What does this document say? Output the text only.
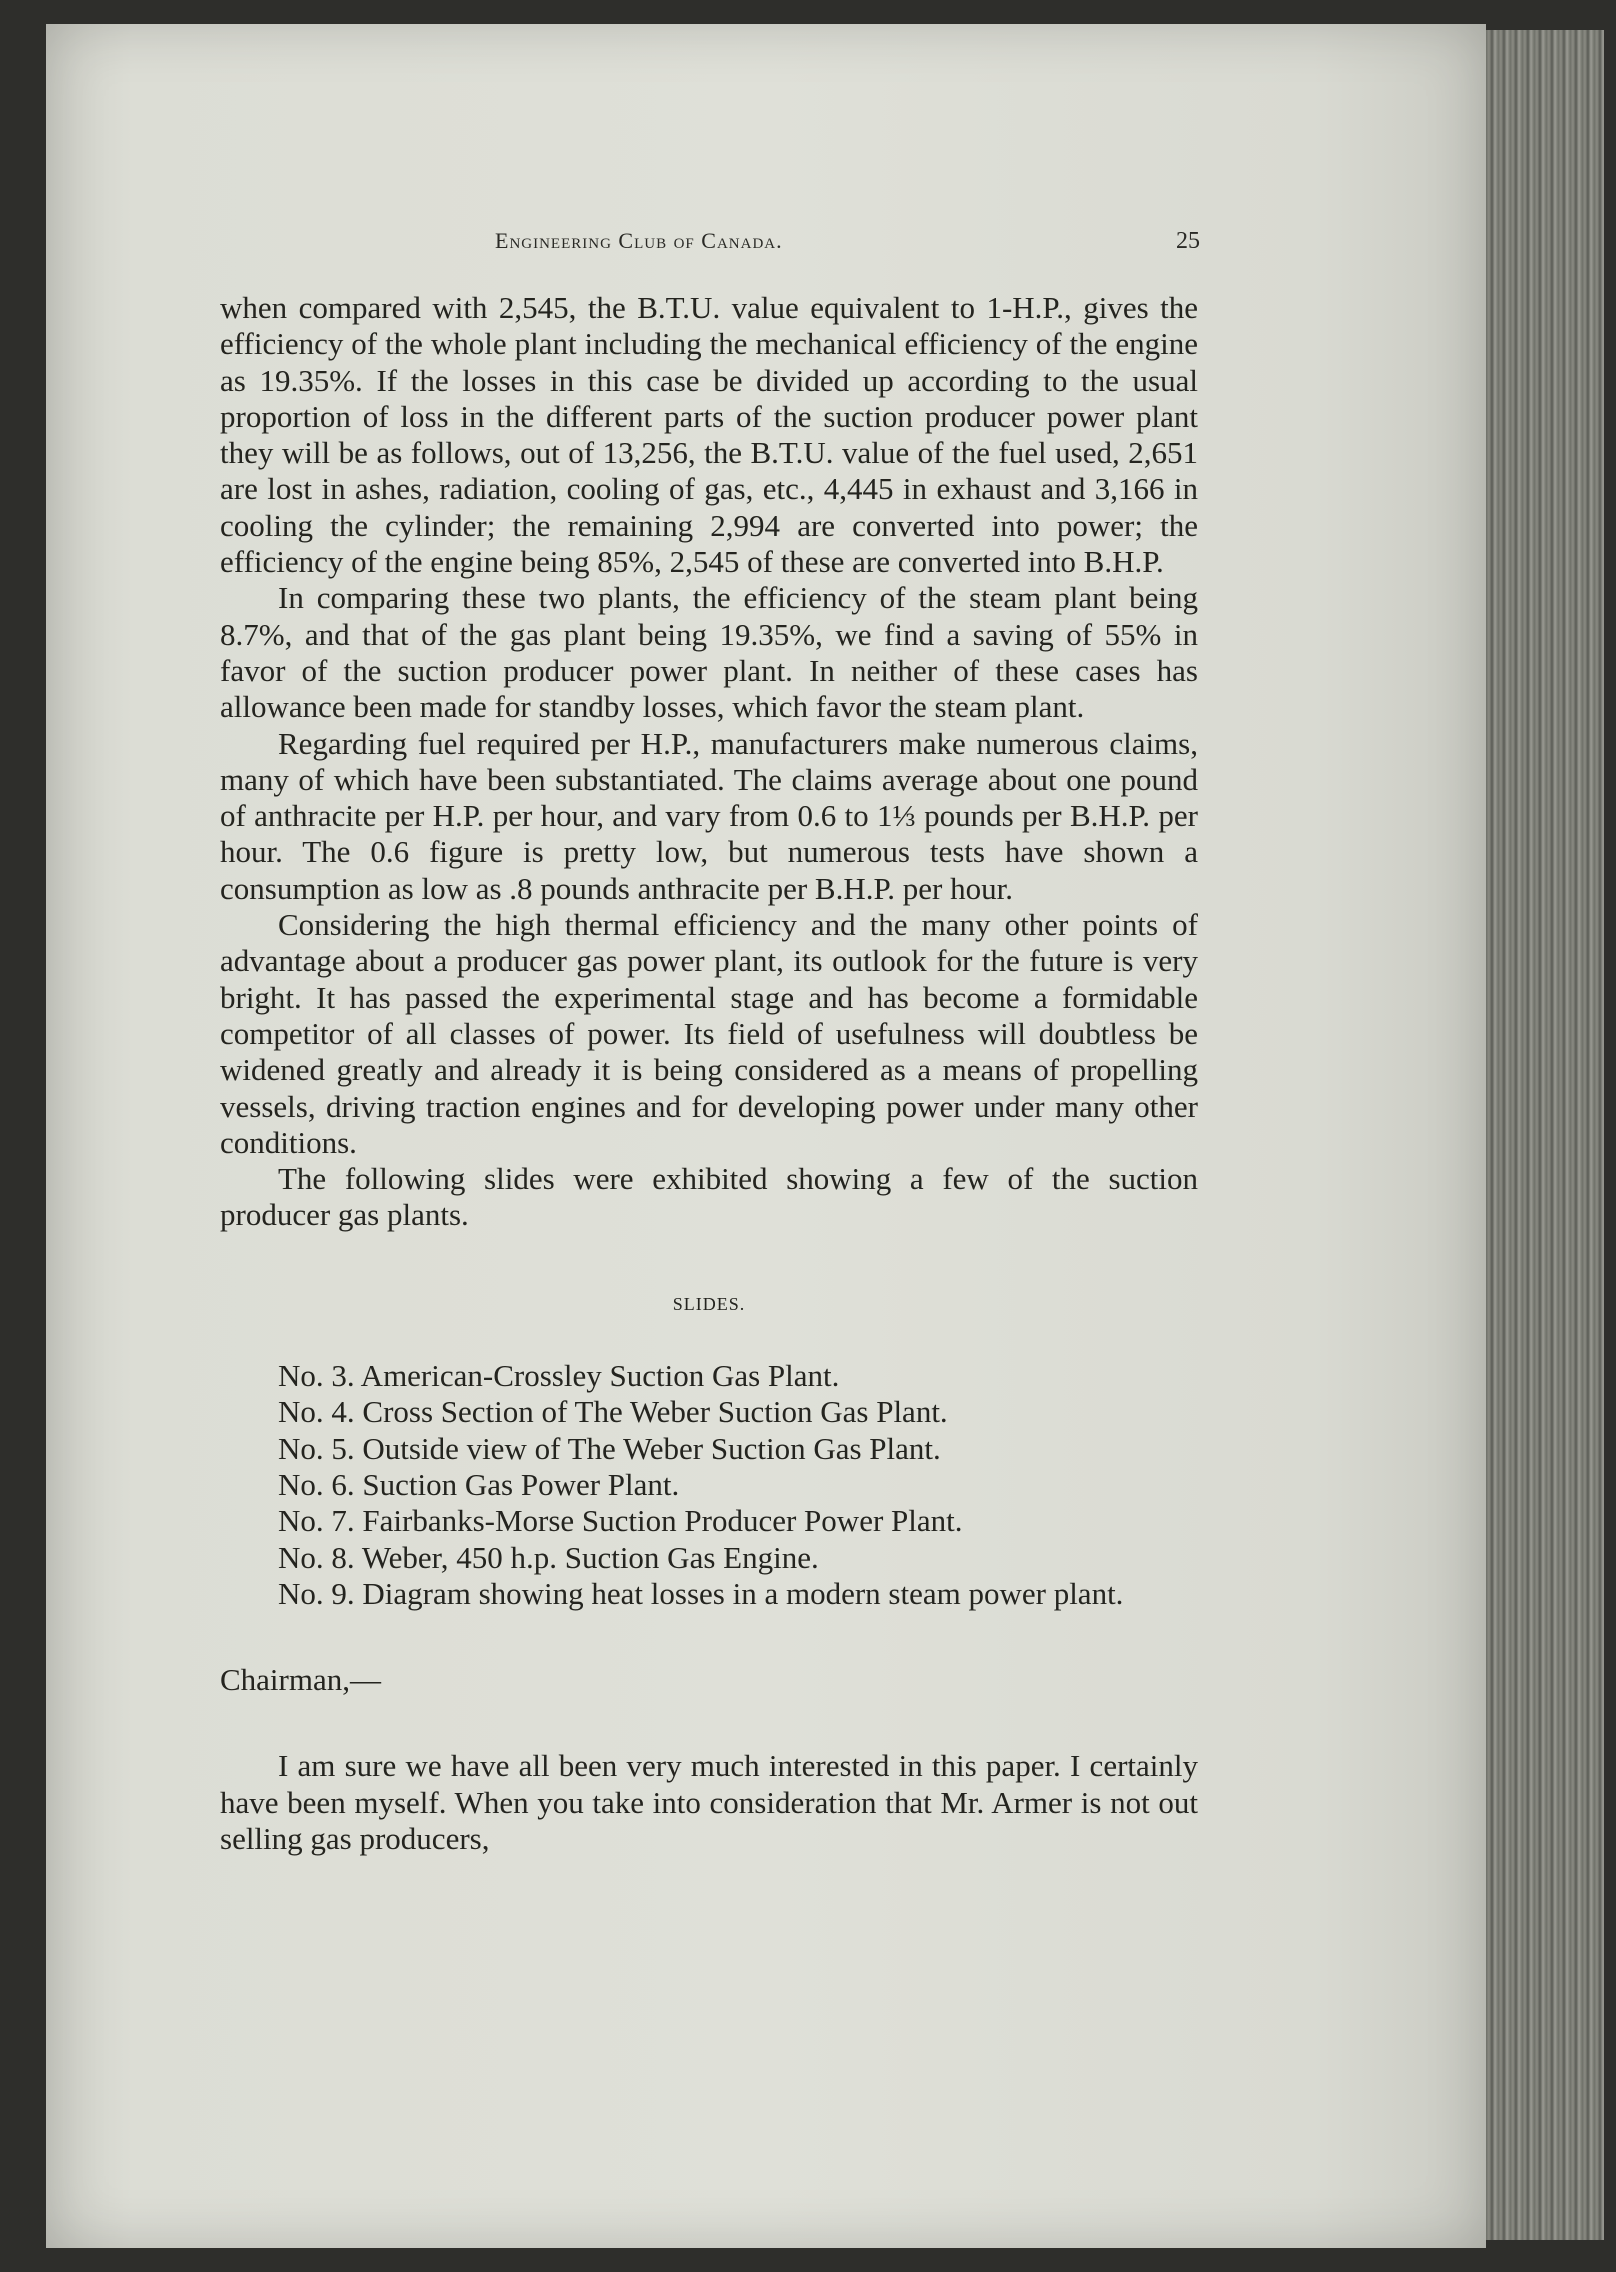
Engineering Club of Canada.	25

when compared with 2,545, the B.T.U. value equivalent to 1-H.P., gives the efficiency of the whole plant including the mechanical efficiency of the engine as 19.35%. If the losses in this case be divided up according to the usual proportion of loss in the different parts of the suction producer power plant they will be as follows, out of 13,256, the B.T.U. value of the fuel used, 2,651 are lost in ashes, radiation, cooling of gas, etc., 4,445 in exhaust and 3,166 in cooling the cylinder; the remaining 2,994 are converted into power; the efficiency of the engine being 85%, 2,545 of these are converted into B.H.P.

In comparing these two plants, the efficiency of the steam plant being 8.7%, and that of the gas plant being 19.35%, we find a saving of 55% in favor of the suction producer power plant. In neither of these cases has allowance been made for standby losses, which favor the steam plant.

Regarding fuel required per H.P., manufacturers make numerous claims, many of which have been substantiated. The claims average about one pound of anthracite per H.P. per hour, and vary from 0.6 to 1⅓ pounds per B.H.P. per hour. The 0.6 figure is pretty low, but numerous tests have shown a consumption as low as .8 pounds anthracite per B.H.P. per hour.

Considering the high thermal efficiency and the many other points of advantage about a producer gas power plant, its outlook for the future is very bright. It has passed the experimental stage and has become a formidable competitor of all classes of power. Its field of usefulness will doubtless be widened greatly and already it is being considered as a means of propelling vessels, driving traction engines and for developing power under many other conditions.

The following slides were exhibited showing a few of the suction producer gas plants.

SLIDES.

No. 3. American-Crossley Suction Gas Plant.

No. 4. Cross Section of The Weber Suction Gas Plant.

No. 5. Outside view of The Weber Suction Gas Plant.

No. 6. Suction Gas Power Plant.

No. 7. Fairbanks-Morse Suction Producer Power Plant.

No. 8. Weber, 450 h.p. Suction Gas Engine.

No. 9. Diagram showing heat losses in a modern steam power plant.

Chairman,—

I am sure we have all been very much interested in this paper. I certainly have been myself. When you take into consideration that Mr. Armer is not out selling gas producers,
